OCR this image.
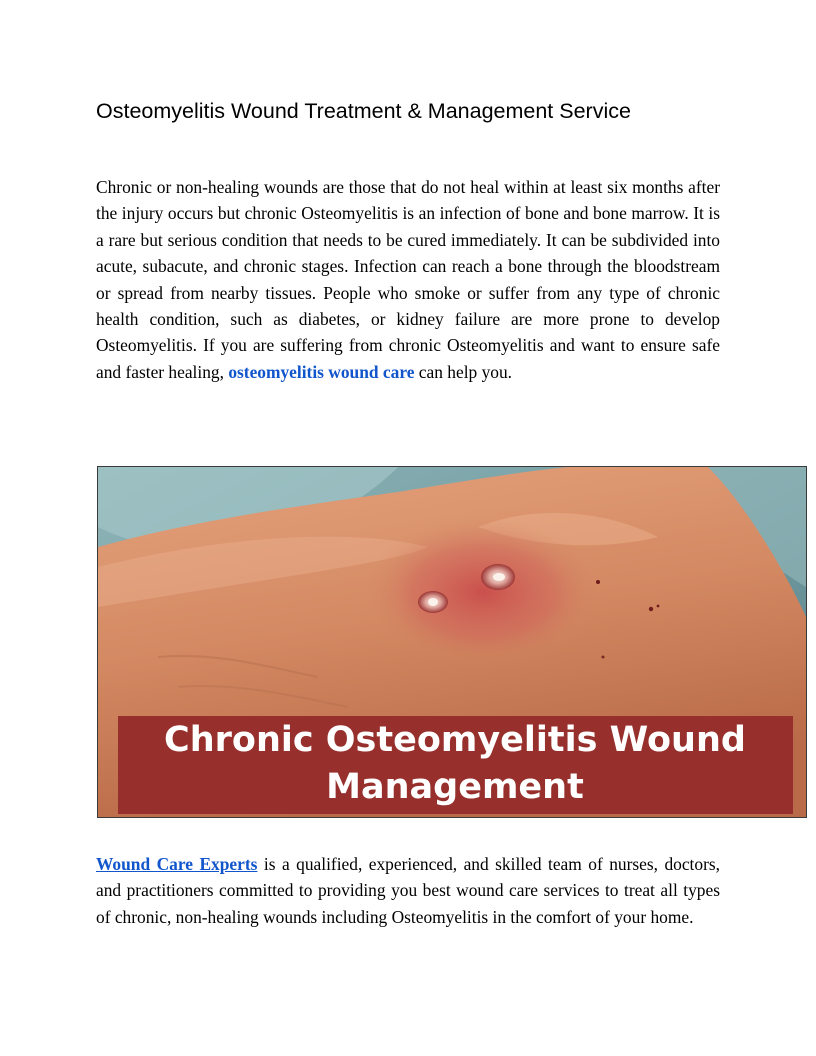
Osteomyelitis Wound Treatment & Management Service

Chronic or non-healing wounds are those that do not heal within at least six months after the injury occurs but chronic Osteomyelitis is an infection of bone and bone marrow. It is a rare but serious condition that needs to be cured immediately. It can be subdivided into acute, subacute, and chronic stages. Infection can reach a bone through the bloodstream or spread from nearby tissues. People who smoke or suffer from any type of chronic health condition, such as diabetes, or kidney failure are more prone to develop Osteomyelitis. If you are suffering from chronic Osteomyelitis and want to ensure safe and faster healing, osteomyelitis wound care can help you.

Chronic Osteomyelitis Wound
Management

Wound Care Experts is a qualified, experienced, and skilled team of nurses, doctors, and practitioners committed to providing you best wound care services to treat all types of chronic, non-healing wounds including Osteomyelitis in the comfort of your home.
